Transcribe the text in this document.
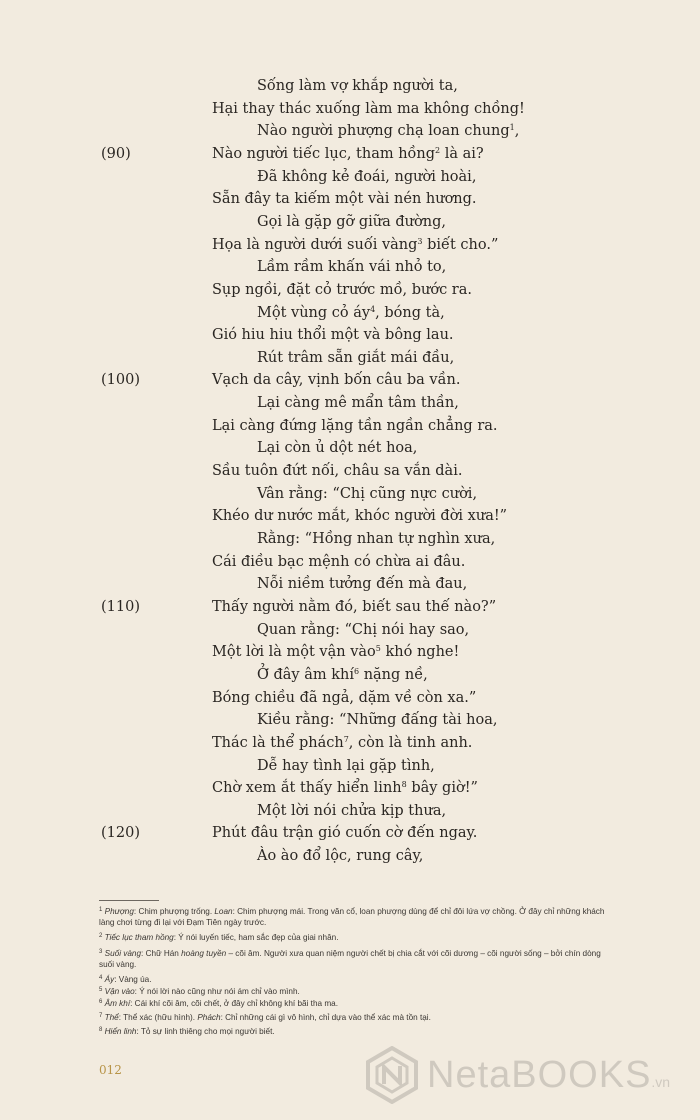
Sống làm vợ khắp người ta,
Hại thay thác xuống làm ma không chồng!
Nào người phượng chạ loan chung$^1$,
Nào người tiếc lục, tham hồng$^2$ là ai?
(90)
Đã không kẻ đoái, người hoài,
Sẵn đây ta kiếm một vài nén hương.
Gọi là gặp gỡ giữa đường,
Họa là người dưới suối vàng$^3$ biết cho.”
Lầm rầm khấn vái nhỏ to,
Sụp ngồi, đặt cỏ trước mồ, bước ra.
Một vùng cỏ $áy^4$, bóng tà,
Gió hiu hiu thổi một và bông lau.
Rút trâm sẵn giắt mái đầu,
Vạch da cây, vịnh bốn câu ba vần.
(100)
Lại càng mê mẩn tâm thần,
Lại càng đứng lặng tần ngần chẳng ra.
Lại còn ủ dột nét hoa,
Sầu tuôn đứt nối, châu sa vắn dài.
Vân rằng: “Chị cũng nực cười,
Khéo dư nước mắt, khóc người đời xưa!”
Rằng: “Hồng nhan tự nghìn xưa,
Cái điều bạc mệnh có chừa ai đâu.
Nỗi niềm tưởng đến mà đau,
Thấy người nằm đó, biết sau thế nào?”
(110)
Quan rằng: “Chị nói hay sao,
Một lời là một vận vào$^5$ khó nghe!
Ở đây âm khí$^6$ nặng nề,
Bóng chiều đã ngả, dặm về còn xa.”
Kiều rằng: “Những đấng tài hoa,
Thác là thể phách$^7$, còn là tinh anh.
Dễ hay tình lại gặp tình,
Chờ xem ắt thấy hiển linh$^8$ bây giờ!”
Một lời nói chửa kịp thưa,
Phút đâu trận gió cuốn cờ đến ngay.
(120)
Ào ào đổ lộc, rung cây,
$^1$ Phượng: Chim phượng trống. Loan: Chim phượng mái. Trong văn cổ, loan phượng dùng để chỉ đôi lứa vợ chồng. Ở đây chỉ những khách làng chơi từng đi lại với Đạm Tiên ngày trước.
$^2$ Tiếc lục tham hồng: Ý nói luyến tiếc, ham sắc đẹp của giai nhân.
$^3$ Suối vàng: Chữ Hán hoàng tuyền – cõi âm. Người xưa quan niệm người chết bị chia cắt với cõi dương – cõi người sống – bởi chín dòng suối vàng.
$^4$ Áy: Vàng úa.
$^5$ Vận vào: Ý nói lời nào cũng như nói ám chỉ vào mình.
$^6$ Âm khí: Cái khí cõi âm, cõi chết, ở đây chỉ không khí bãi tha ma.
$^7$ Thể: Thể xác (hữu hình). Phách: Chỉ những cái gì vô hình, chỉ dựa vào thể xác mà tồn tại.
$^8$ Hiển linh: Tỏ sự linh thiêng cho mọi người biết.
012	NetaBOOKS.vn
